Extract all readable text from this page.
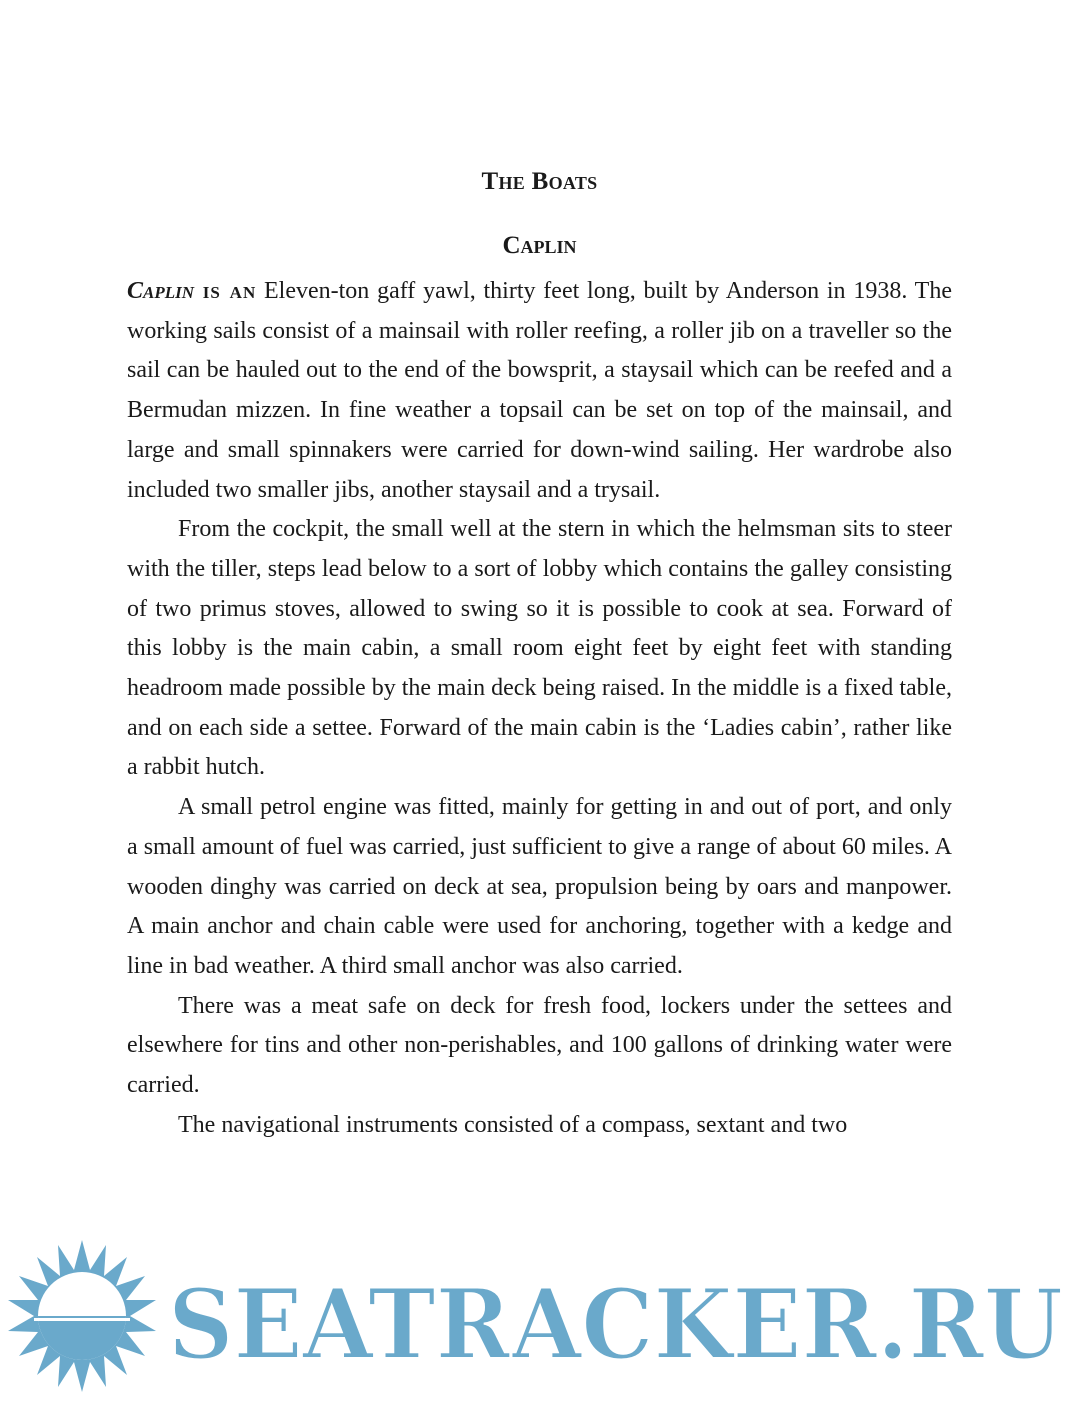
The Boats
Caplin

Caplin is an Eleven-ton gaff yawl, thirty feet long, built by Anderson in 1938. The working sails consist of a mainsail with roller reefing, a roller jib on a traveller so the sail can be hauled out to the end of the bowsprit, a staysail which can be reefed and a Bermudan mizzen. In fine weather a topsail can be set on top of the mainsail, and large and small spinnakers were carried for down-wind sailing. Her wardrobe also included two smaller jibs, another staysail and a trysail.

From the cockpit, the small well at the stern in which the helmsman sits to steer with the tiller, steps lead below to a sort of lobby which contains the galley consisting of two primus stoves, allowed to swing so it is possible to cook at sea. Forward of this lobby is the main cabin, a small room eight feet by eight feet with standing headroom made possible by the main deck being raised. In the middle is a fixed table, and on each side a settee. Forward of the main cabin is the ‘Ladies cabin’, rather like a rabbit hutch.

A small petrol engine was fitted, mainly for getting in and out of port, and only a small amount of fuel was carried, just sufficient to give a range of about 60 miles. A wooden dinghy was carried on deck at sea, propulsion being by oars and manpower. A main anchor and chain cable were used for anchoring, together with a kedge and line in bad weather. A third small anchor was also carried.

There was a meat safe on deck for fresh food, lockers under the settees and elsewhere for tins and other non-perishables, and 100 gallons of drinking water were carried.

The navigational instruments consisted of a compass, sextant and two

SEATRACKER.RU
